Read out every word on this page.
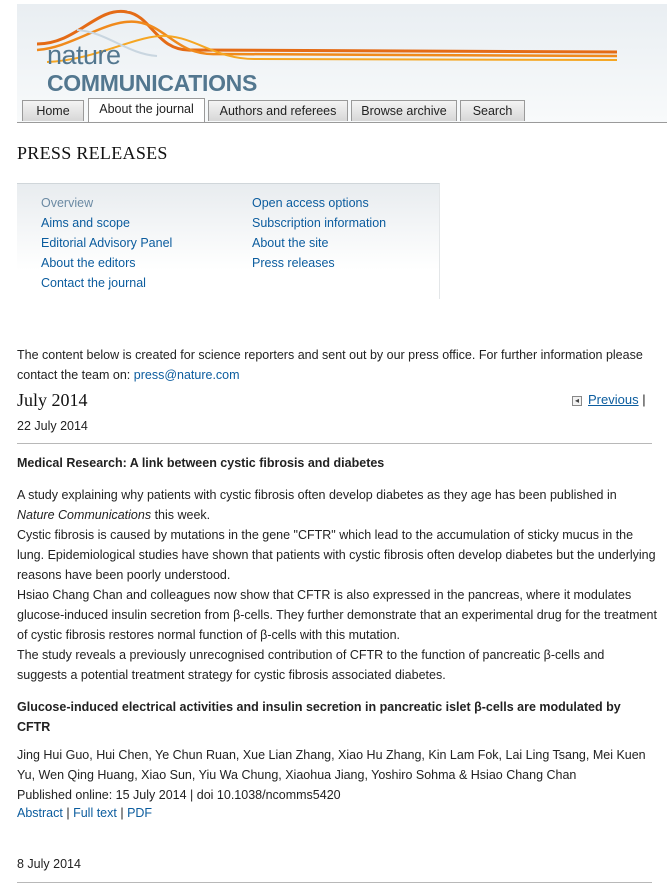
nature
COMMUNICATIONS
Home	About the journal	Authors and referees	Browse archive	Search
PRESS RELEASES
Overview
Aims and scope
Editorial Advisory Panel
About the editors
Contact the journal
Open access options
Subscription information
About the site
Press releases
The content below is created for science reporters and sent out by our press office. For further information please contact the team on: press@nature.com
July 2014	◂ Previous |
22 July 2014
Medical Research: A link between cystic fibrosis and diabetes

A study explaining why patients with cystic fibrosis often develop diabetes as they age has been published in Nature Communications this week.

Cystic fibrosis is caused by mutations in the gene "CFTR" which lead to the accumulation of sticky mucus in the lung. Epidemiological studies have shown that patients with cystic fibrosis often develop diabetes but the underlying reasons have been poorly understood.

Hsiao Chang Chan and colleagues now show that CFTR is also expressed in the pancreas, where it modulates glucose-induced insulin secretion from β-cells. They further demonstrate that an experimental drug for the treatment of cystic fibrosis restores normal function of β-cells with this mutation.

The study reveals a previously unrecognised contribution of CFTR to the function of pancreatic β-cells and suggests a potential treatment strategy for cystic fibrosis associated diabetes.

Glucose-induced electrical activities and insulin secretion in pancreatic islet β-cells are modulated by CFTR
Jing Hui Guo, Hui Chen, Ye Chun Ruan, Xue Lian Zhang, Xiao Hu Zhang, Kin Lam Fok, Lai Ling Tsang, Mei Kuen Yu, Wen Qing Huang, Xiao Sun, Yiu Wa Chung, Xiaohua Jiang, Yoshiro Sohma & Hsiao Chang Chan
Published online: 15 July 2014 | doi 10.1038/ncomms5420
Abstract | Full text | PDF
8 July 2014
